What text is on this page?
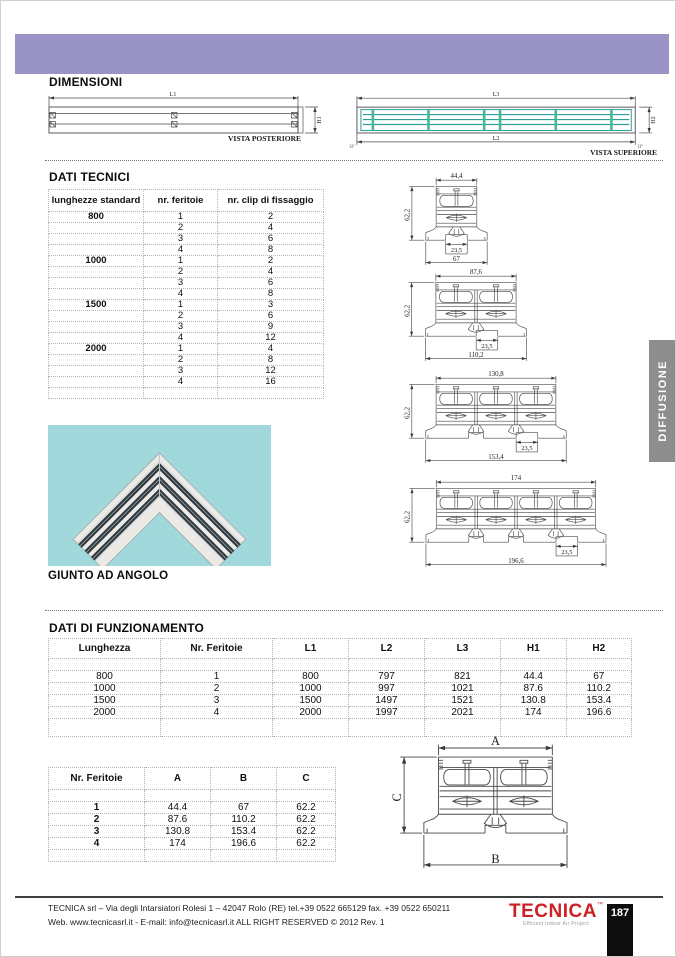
DIMENSIONI
L1
H1
VISTA POSTERIORE
L3
L2
12°	12°
H2
VISTA SUPERIORE
DATI TECNICI
lunghezze standard	nr. feritoie	nr. clip di fissaggio
800	1	2
	2	4
	3	6
	4	8
1000	1	2
	2	4
	3	6
	4	8
1500	1	3
	2	6
	3	9
	4	12
2000	1	4
	2	8
	3	12
	4	16

44,4
62,2
23,5
67
87,6
62,2
23,5
110,2
130,8
62,2
23,5
153,4
174
62,2
23,5
196,6
GIUNTO AD ANGOLO
DATI DI FUNZIONAMENTO
Lunghezza	Nr. Feritoie	L1	L2	L3	H1	H2

800	1	800	797	821	44.4	67
1000	2	1000	997	1021	87.6	110.2
1500	3	1500	1497	1521	130.8	153.4
2000	4	2000	1997	2021	174	196.6

Nr. Feritoie	A	B	C

1	44.4	67	62.2
2	87.6	110.2	62.2
3	130.8	153.4	62.2
4	174	196.6	62.2

A
C
B
DIFFUSIONE
TECNICA srl – Via degli Intarsiatori Rolesi 1 – 42047 Rolo (RE) tel.+39 0522 665129 fax. +39 0522 650211
Web. www.tecnicasrl.it - E-mail: info@tecnicasrl.it ALL RIGHT RESERVED © 2012 Rev. 1	TECNICA™
Efficient Indoor Air Project
187
